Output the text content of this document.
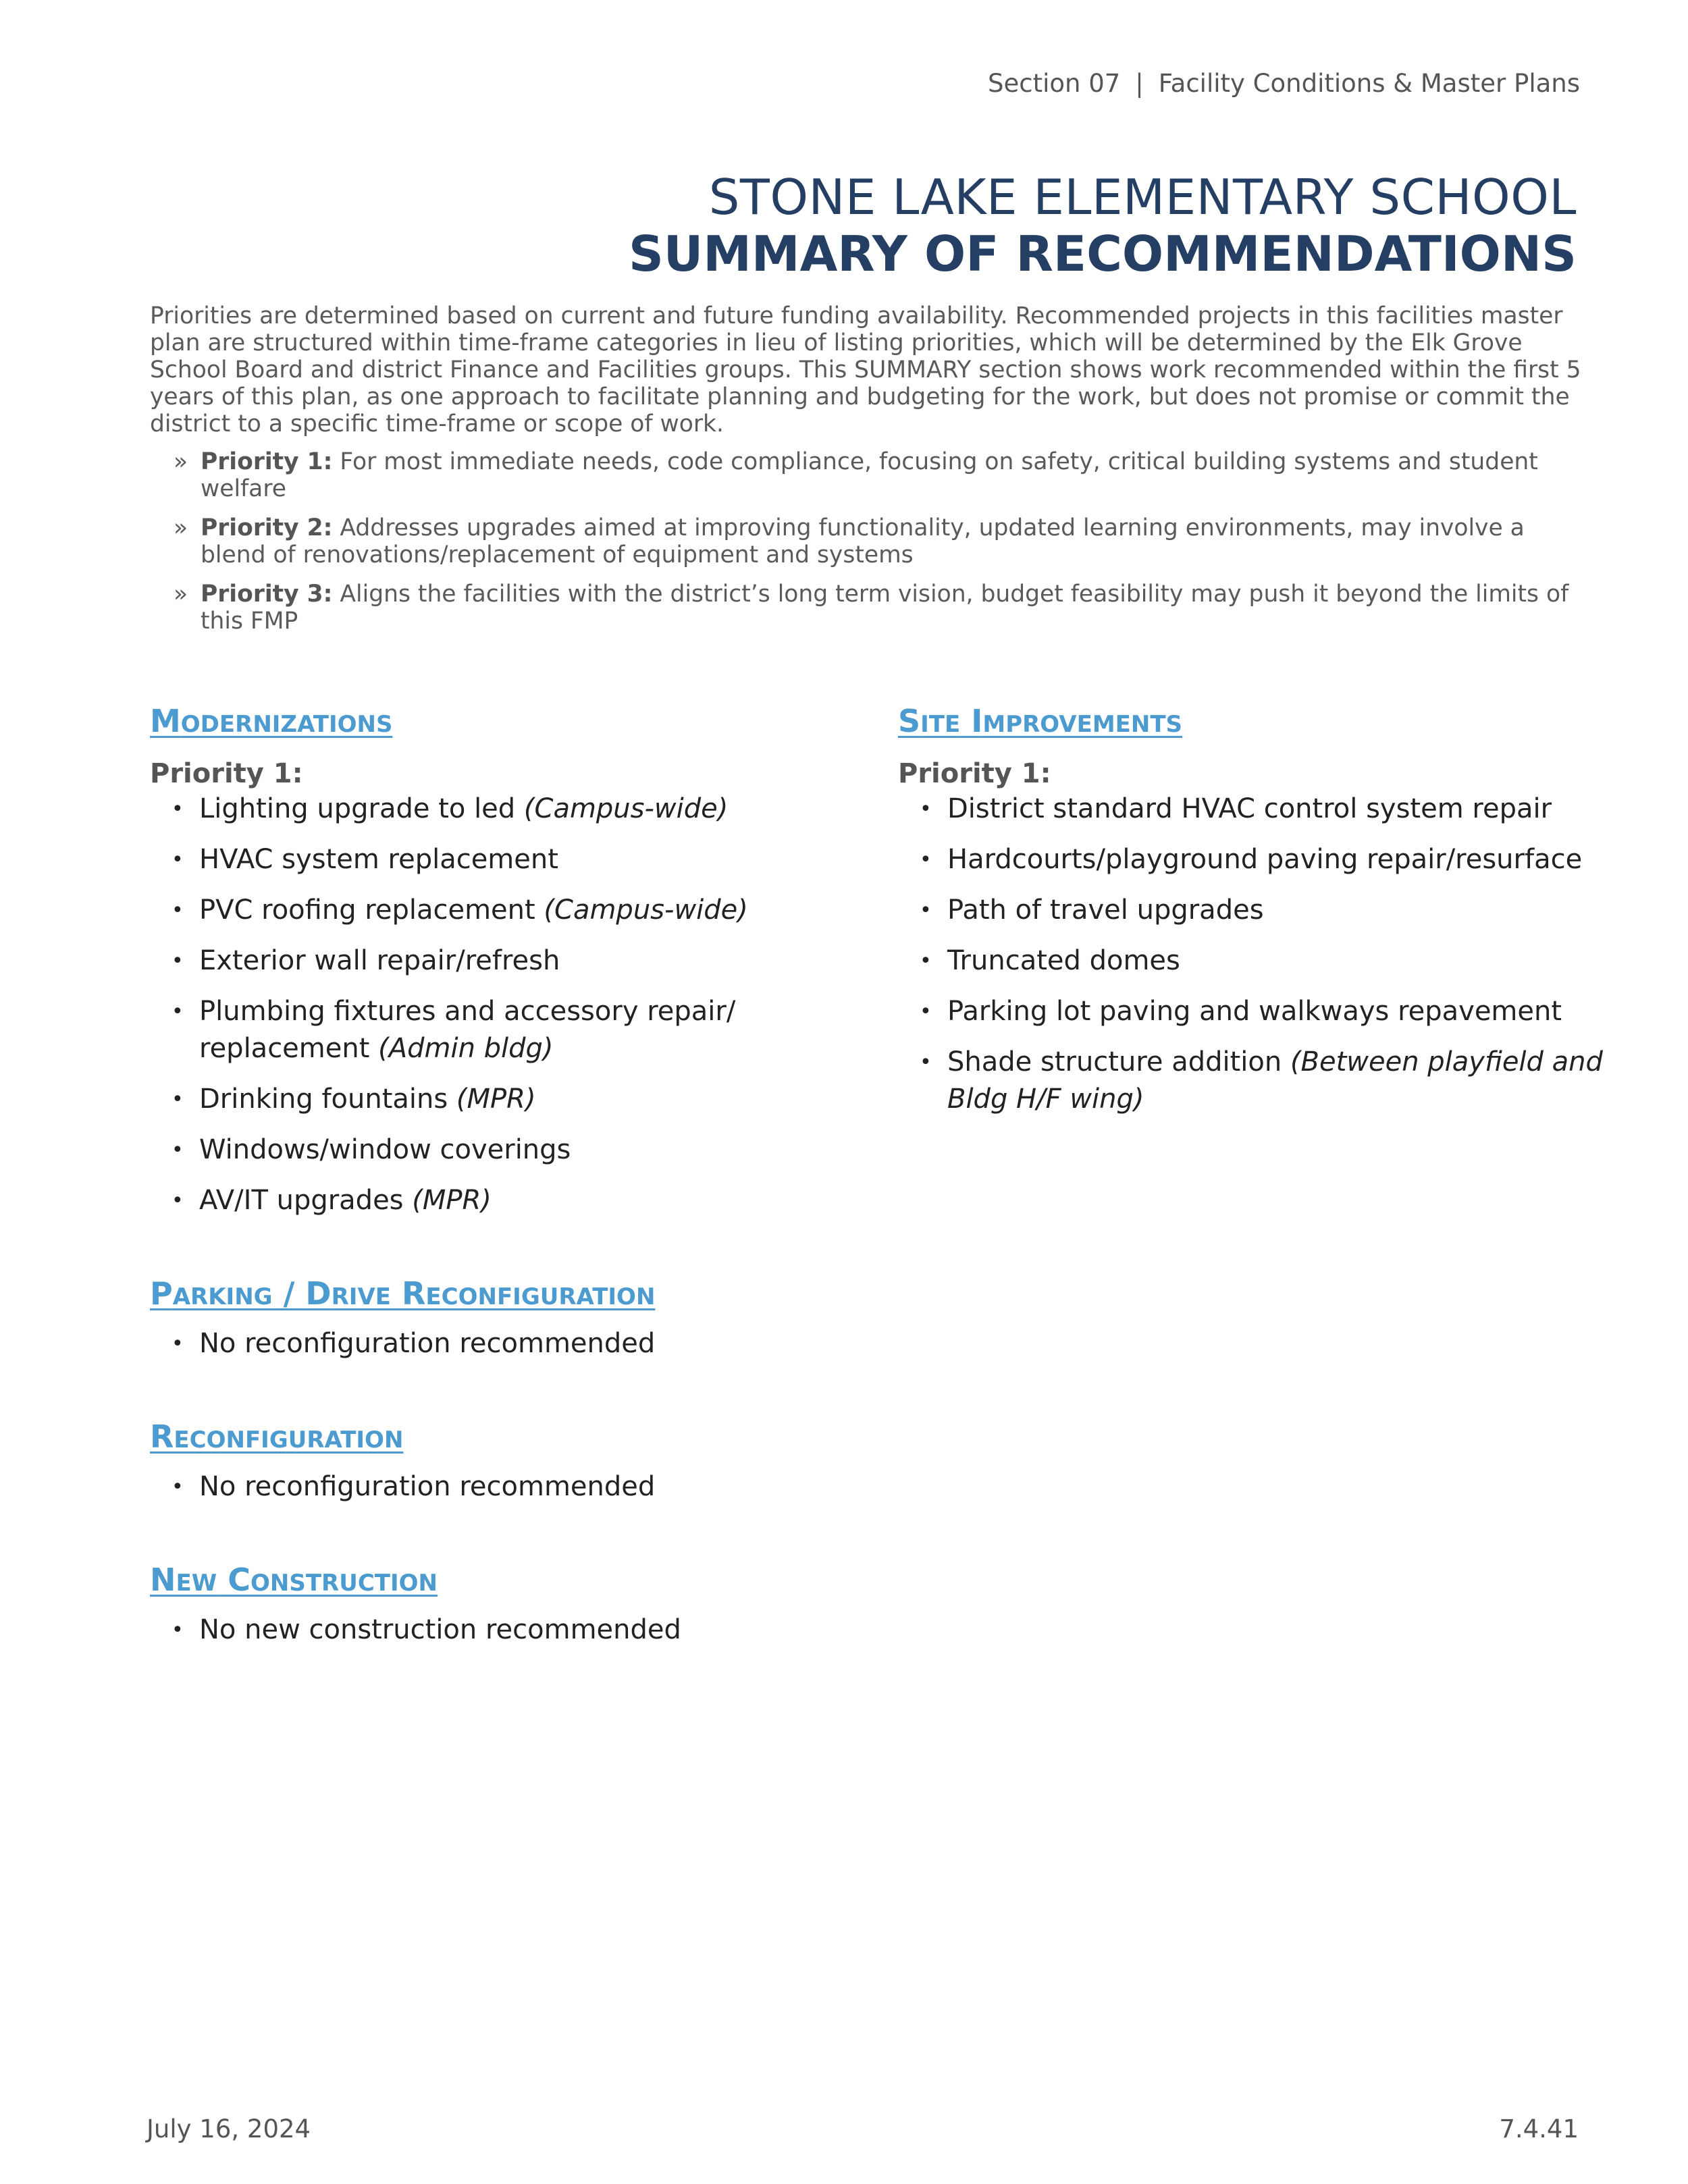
Section 07 | Facility Conditions & Master Plans
STONE LAKE ELEMENTARY SCHOOL
SUMMARY OF RECOMMENDATIONS

Priorities are determined based on current and future funding availability. Recommended projects in this facilities master plan are structured within time-frame categories in lieu of listing priorities, which will be determined by the Elk Grove School Board and district Finance and Facilities groups. This SUMMARY section shows work recommended within the first 5 years of this plan, as one approach to facilitate planning and budgeting for the work, but does not promise or commit the district to a specific time-frame or scope of work.

» Priority 1: For most immediate needs, code compliance, focusing on safety, critical building systems and student welfare
» Priority 2: Addresses upgrades aimed at improving functionality, updated learning environments, may involve a blend of renovations/replacement of equipment and systems
» Priority 3: Aligns the facilities with the district’s long term vision, budget feasibility may push it beyond the limits of this FMP
MODERNIZATIONS
Priority 1:
• Lighting upgrade to led (Campus-wide)
• HVAC system replacement
• PVC roofing replacement (Campus-wide)
• Exterior wall repair/refresh
• Plumbing fixtures and accessory repair/ replacement (Admin bldg)
• Drinking fountains (MPR)
• Windows/window coverings
• AV/IT upgrades (MPR)
PARKING / DRIVE RECONFIGURATION
• No reconfiguration recommended
RECONFIGURATION
• No reconfiguration recommended
NEW CONSTRUCTION
• No new construction recommended
SITE IMPROVEMENTS
Priority 1:
• District standard HVAC control system repair
• Hardcourts/playground paving repair/resurface
• Path of travel upgrades
• Truncated domes
• Parking lot paving and walkways repavement
• Shade structure addition (Between playfield and Bldg H/F wing)
July 16, 2024	7.4.41
